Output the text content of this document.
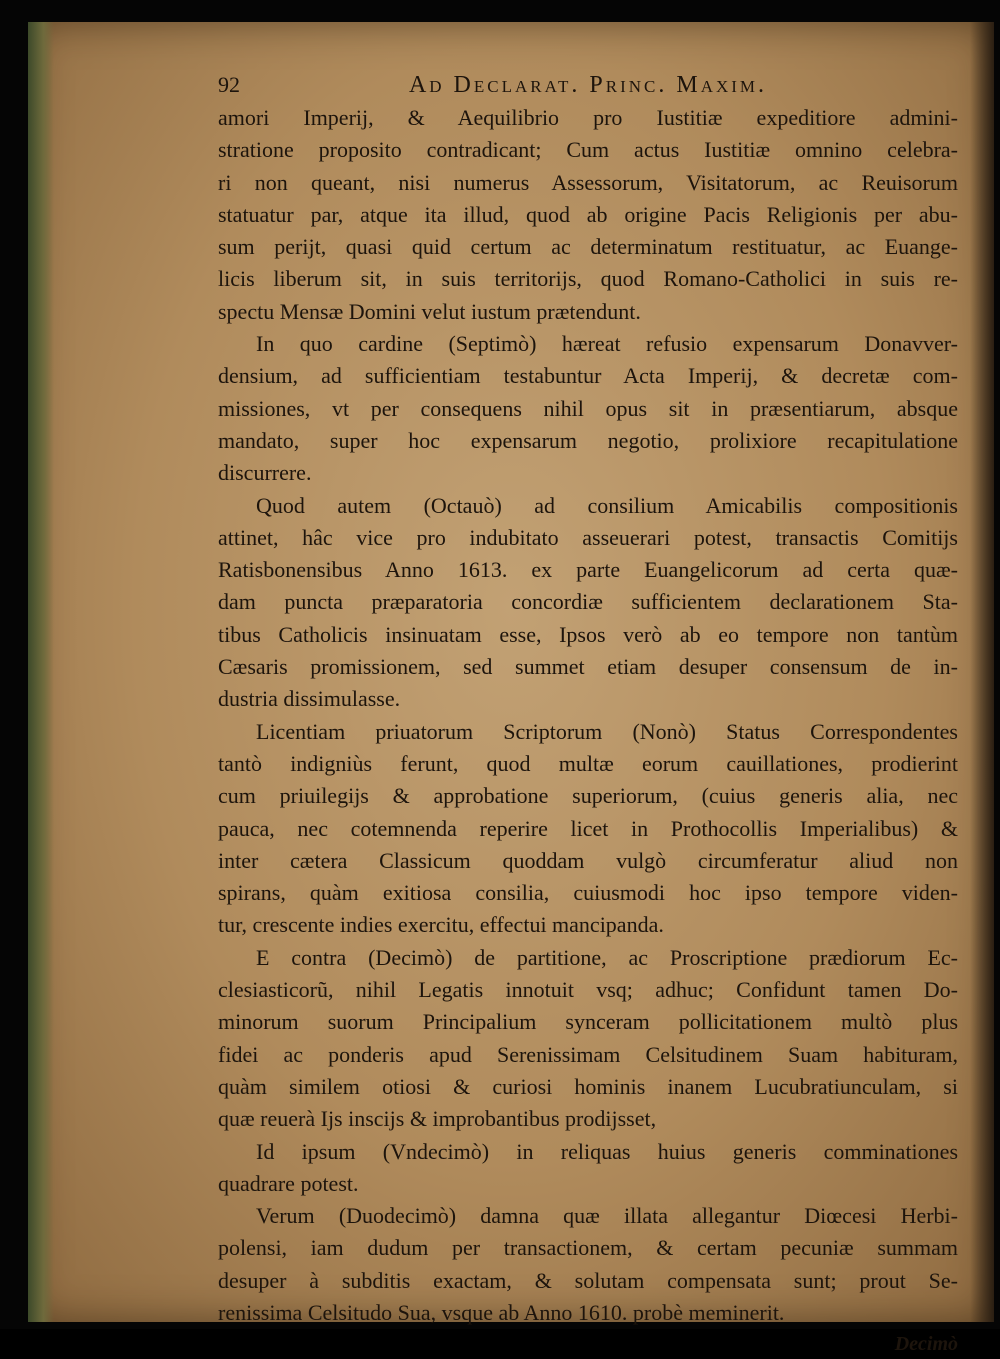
92	Ad Declarat. Princ. Maxim.
amori Imperij, & Aequilibrio pro Iustitiæ expeditiore admini-
stratione proposito contradicant; Cum actus Iustitiæ omnino celebra-
ri non queant, nisi numerus Assessorum, Visitatorum, ac Reuisorum
statuatur par, atque ita illud, quod ab origine Pacis Religionis per abu-
sum perijt, quasi quid certum ac determinatum restituatur, ac Euange-
licis liberum sit, in suis territorijs, quod Romano-Catholici in suis re-
spectu Mensæ Domini velut iustum prætendunt.
In quo cardine (Septimò) hæreat refusio expensarum Donavver-
densium, ad sufficientiam testabuntur Acta Imperij, & decretæ com-
missiones, vt per consequens nihil opus sit in præsentiarum, absque
mandato, super hoc expensarum negotio, prolixiore recapitulatione
discurrere.
Quod autem (Octauò) ad consilium Amicabilis compositionis
attinet, hâc vice pro indubitato asseuerari potest, transactis Comitijs
Ratisbonensibus Anno 1613. ex parte Euangelicorum ad certa quæ-
dam puncta præparatoria concordiæ sufficientem declarationem Sta-
tibus Catholicis insinuatam esse, Ipsos verò ab eo tempore non tantùm
Cæsaris promissionem, sed summet etiam desuper consensum de in-
dustria dissimulasse.
Licentiam priuatorum Scriptorum (Nonò) Status Correspondentes
tantò indigniùs ferunt, quod multæ eorum cauillationes, prodierint
cum priuilegijs & approbatione superiorum, (cuius generis alia, nec
pauca, nec cotemnenda reperire licet in Prothocollis Imperialibus) &
inter cætera Classicum quoddam vulgò circumferatur aliud non
spirans, quàm exitiosa consilia, cuiusmodi hoc ipso tempore viden-
tur, crescente indies exercitu, effectui mancipanda.
E contra (Decimò) de partitione, ac Proscriptione prædiorum Ec-
clesiasticorũ, nihil Legatis innotuit vsq; adhuc; Confidunt tamen Do-
minorum suorum Principalium synceram pollicitationem multò plus
fidei ac ponderis apud Serenissimam Celsitudinem Suam habituram,
quàm similem otiosi & curiosi hominis inanem Lucubratiunculam, si
quæ reuerà Ijs inscijs & improbantibus prodijsset,
Id ipsum (Vndecimò) in reliquas huius generis comminationes
quadrare potest.
Verum (Duodecimò) damna quæ illata allegantur Diœcesi Herbi-
polensi, iam dudum per transactionem, & certam pecuniæ summam
desuper à subditis exactam, & solutam compensata sunt; prout Se-
renissima Celsitudo Sua, vsque ab Anno 1610. probè meminerit.
Decimò
